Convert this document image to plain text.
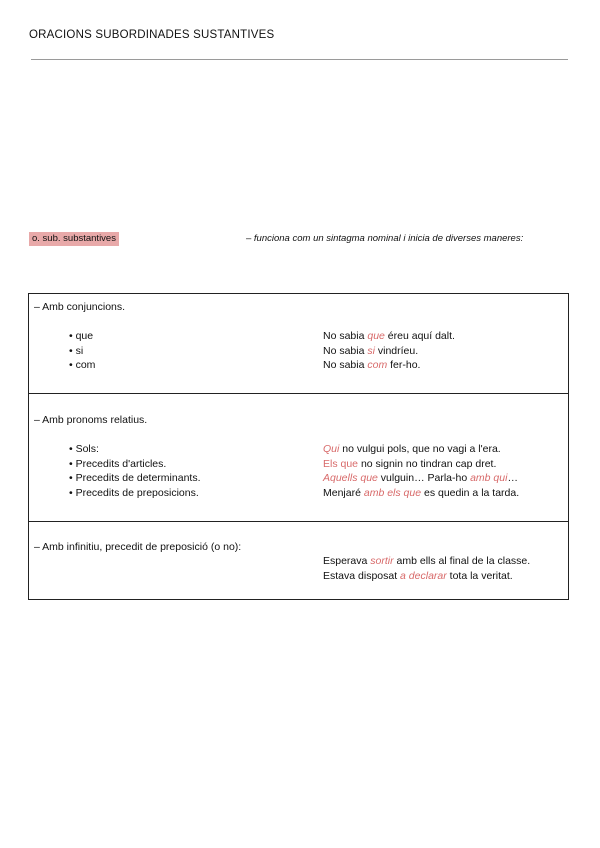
ORACIONS SUBORDINADES SUSTANTIVES
o. sub. substantives	– funciona com un sintagma nominal i inicia de diverses maneres:
– Amb conjuncions.
• que	No sabia que éreu aquí dalt.
• si	No sabia si vindríeu.
• com	No sabia com fer-ho.
– Amb pronoms relatius.
• Sols:	Qui no vulgui pols, que no vagi a l'era.
• Precedits d'articles.	Els que no signin no tindran cap dret.
• Precedits de determinants.	Aquells que vulguin… Parla-ho amb qui…
• Precedits de preposicions.	Menjaré amb els que es quedin a la tarda.
– Amb infinitiu, precedit de preposició (o no):
Esperava sortir amb ells al final de la classe.
Estava disposat a declarar tota la veritat.
